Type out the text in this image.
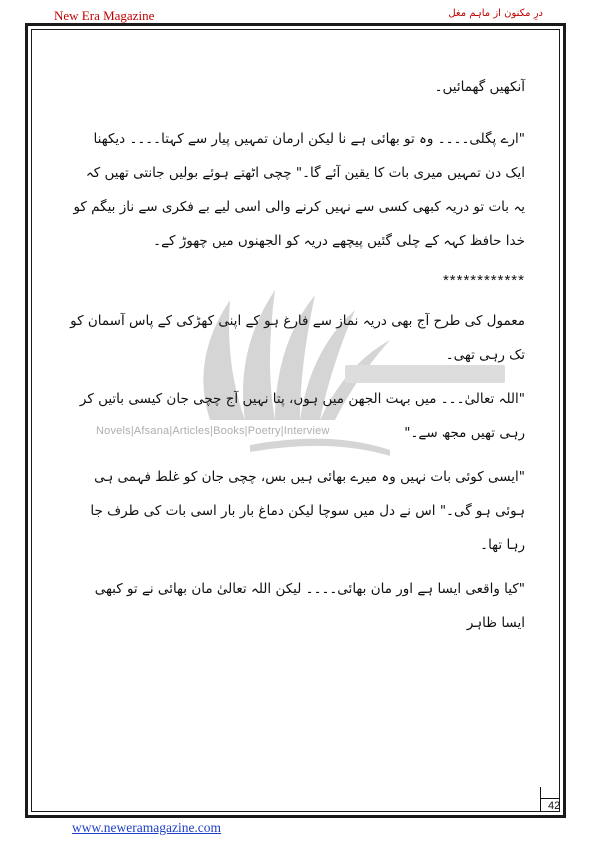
New Era Magazine	درِ مکنون از ماہم مغل
Novels|Afsana|Articles|Books|Poetry|Interview

آنکھیں گھمائیں۔

"ارے پگلی۔۔۔۔ وہ تو بھائی ہے نا لیکن ارمان تمہیں پیار سے کہتا۔۔۔۔ دیکھنا ایک دن تمہیں میری بات کا یقین آئے گا۔" چچی اٹھتے ہوئے بولیں جانتی تھیں کہ یہ بات تو دریہ کبھی کسی سے نہیں کرنے والی اسی لیے بے فکری سے ناز بیگم کو خدا حافظ کہہ کے چلی گئیں پیچھے دریہ کو الجھنوں میں چھوڑ کے۔

************

معمول کی طرح آج بھی دریہ نماز سے فارغ ہو کے اپنی کھڑکی کے پاس آسمان کو تک رہی تھی۔

"اللہ تعالیٰ۔۔۔ میں بہت الجھن میں ہوں، پتا نہیں آج چچی جان کیسی باتیں کر رہی تھیں مجھ سے۔"

"ایسی کوئی بات نہیں وہ میرے بھائی ہیں بس، چچی جان کو غلط فہمی ہی ہوئی ہو گی۔" اس نے دل میں سوچا لیکن دماغ بار بار اسی بات کی طرف جا رہا تھا۔

"کیا واقعی ایسا ہے اور مان بھائی۔۔۔۔ لیکن اللہ تعالیٰ مان بھائی نے تو کبھی ایسا ظاہر

42
www.neweramagazine.com
